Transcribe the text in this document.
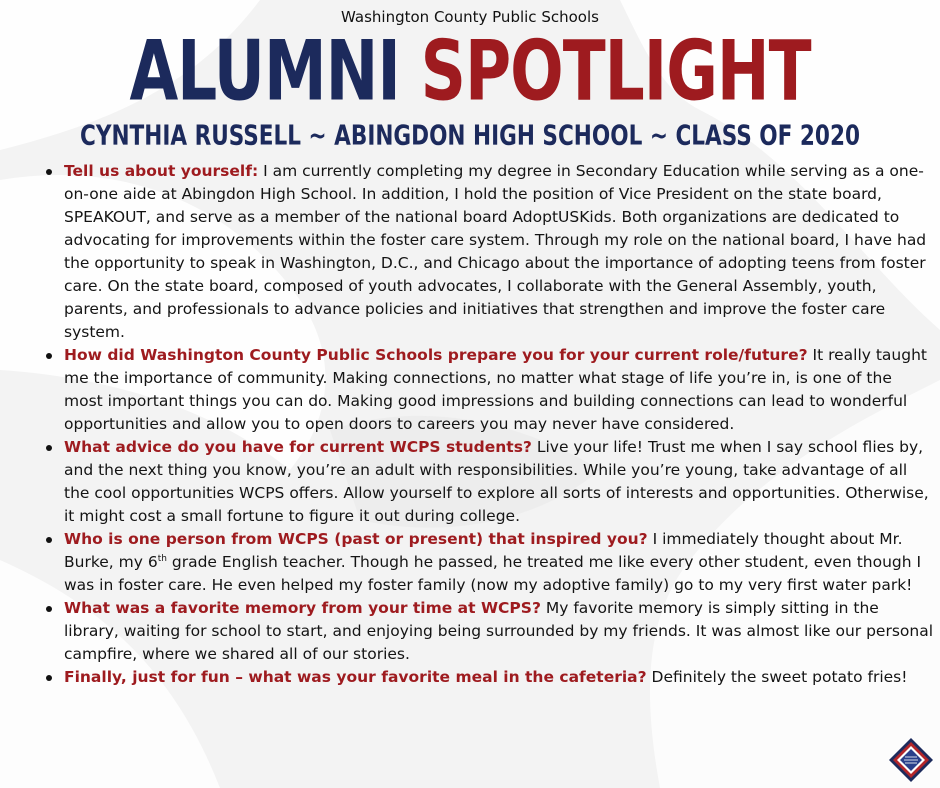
Washington County Public Schools
ALUMNI SPOTLIGHT
CYNTHIA RUSSELL ~ ABINGDON HIGH SCHOOL ~ CLASS OF 2020
Tell us about yourself: I am currently completing my degree in Secondary Education while serving as a one-on-one aide at Abingdon High School. In addition, I hold the position of Vice President on the state board, SPEAKOUT, and serve as a member of the national board AdoptUSKids. Both organizations are dedicated to advocating for improvements within the foster care system. Through my role on the national board, I have had the opportunity to speak in Washington, D.C., and Chicago about the importance of adopting teens from foster care. On the state board, composed of youth advocates, I collaborate with the General Assembly, youth, parents, and professionals to advance policies and initiatives that strengthen and improve the foster care system.
How did Washington County Public Schools prepare you for your current role/future? It really taught me the importance of community. Making connections, no matter what stage of life you’re in, is one of the most important things you can do. Making good impressions and building connections can lead to wonderful opportunities and allow you to open doors to careers you may never have considered.
What advice do you have for current WCPS students? Live your life! Trust me when I say school flies by, and the next thing you know, you’re an adult with responsibilities. While you’re young, take advantage of all the cool opportunities WCPS offers. Allow yourself to explore all sorts of interests and opportunities. Otherwise, it might cost a small fortune to figure it out during college.
Who is one person from WCPS (past or present) that inspired you? I immediately thought about Mr. Burke, my 6th grade English teacher. Though he passed, he treated me like every other student, even though I was in foster care. He even helped my foster family (now my adoptive family) go to my very first water park!
What was a favorite memory from your time at WCPS? My favorite memory is simply sitting in the library, waiting for school to start, and enjoying being surrounded by my friends. It was almost like our personal campfire, where we shared all of our stories.
Finally, just for fun – what was your favorite meal in the cafeteria? Definitely the sweet potato fries!
